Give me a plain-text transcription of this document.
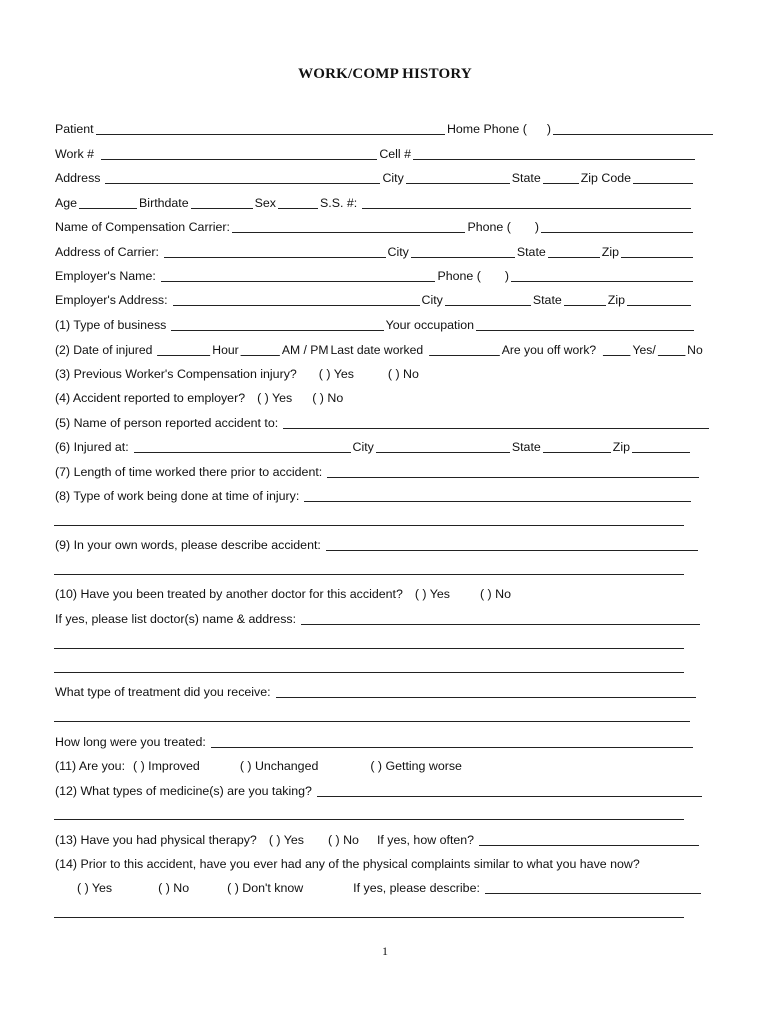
WORK/COMP HISTORY
Patient	Home Phone ( )
Work #	Cell #
Address	City	State	Zip Code
Age	Birthdate	Sex	S.S. #:
Name of Compensation Carrier:	Phone ( )
Address of Carrier:	City	State	Zip
Employer's Name:	Phone ( )
Employer's Address:	City	State	Zip
(1) Type of business	Your occupation
(2) Date of injured	Hour	AM / PM Last date worked	Are you off work?	Yes/	No
(3) Previous Worker's Compensation injury? ( ) Yes	( ) No
(4) Accident reported to employer? ( ) Yes ( ) No
(5) Name of person reported accident to:
(6) Injured at:	City	State	Zip
(7) Length of time worked there prior to accident:
(8) Type of work being done at time of injury:
(9) In your own words, please describe accident:
(10) Have you been treated by another doctor for this accident? ( ) Yes ( ) No
If yes, please list doctor(s) name & address:
What type of treatment did you receive:
How long were you treated:
(11) Are you: ( ) Improved	( ) Unchanged	( ) Getting worse
(12) What types of medicine(s) are you taking?
(13) Have you had physical therapy? ( ) Yes ( ) No If yes, how often?
(14) Prior to this accident, have you ever had any of the physical complaints similar to what you have now?
( ) Yes	( ) No	( ) Don't know	If yes, please describe:
1
